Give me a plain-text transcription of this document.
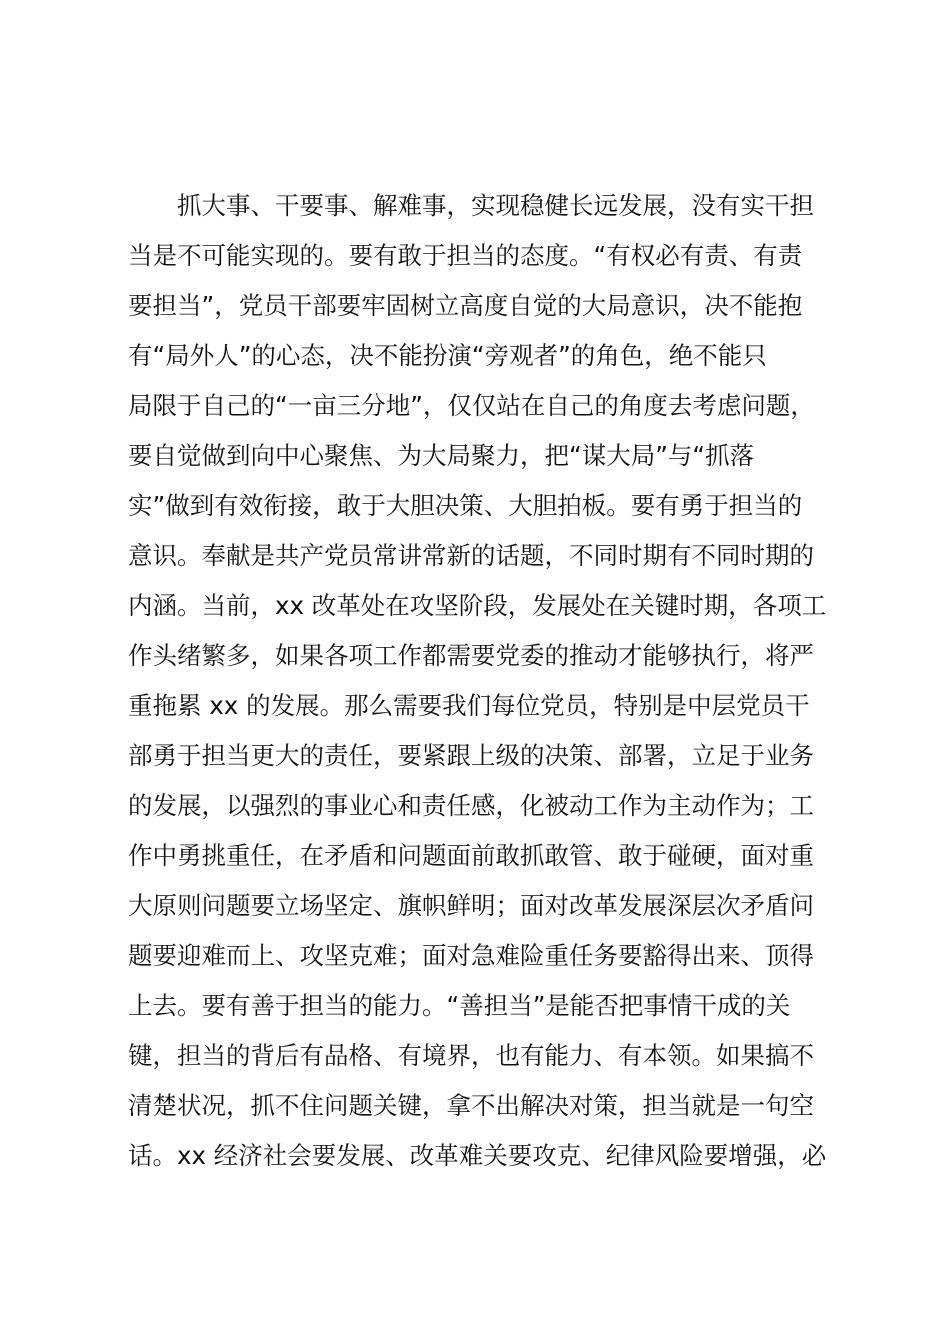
　　抓大事、干要事、解难事，实现稳健长远发展，没有实干担
当是不可能实现的。要有敢于担当的态度。“有权必有责、有责
要担当”，党员干部要牢固树立高度自觉的大局意识，决不能抱
有“局外人”的心态，决不能扮演“旁观者”的角色，绝不能只
局限于自己的“一亩三分地”，仅仅站在自己的角度去考虑问题，
要自觉做到向中心聚焦、为大局聚力，把“谋大局”与“抓落
实”做到有效衔接，敢于大胆决策、大胆拍板。要有勇于担当的
意识。奉献是共产党员常讲常新的话题，不同时期有不同时期的
内涵。当前，xx 改革处在攻坚阶段，发展处在关键时期，各项工
作头绪繁多，如果各项工作都需要党委的推动才能够执行，将严
重拖累 xx 的发展。那么需要我们每位党员，特别是中层党员干
部勇于担当更大的责任，要紧跟上级的决策、部署，立足于业务
的发展，以强烈的事业心和责任感，化被动工作为主动作为；工
作中勇挑重任，在矛盾和问题面前敢抓敢管、敢于碰硬，面对重
大原则问题要立场坚定、旗帜鲜明；面对改革发展深层次矛盾问
题要迎难而上、攻坚克难；面对急难险重任务要豁得出来、顶得
上去。要有善于担当的能力。“善担当”是能否把事情干成的关
键，担当的背后有品格、有境界，也有能力、有本领。如果搞不
清楚状况，抓不住问题关键，拿不出解决对策，担当就是一句空
话。xx 经济社会要发展、改革难关要攻克、纪律风险要增强，必
